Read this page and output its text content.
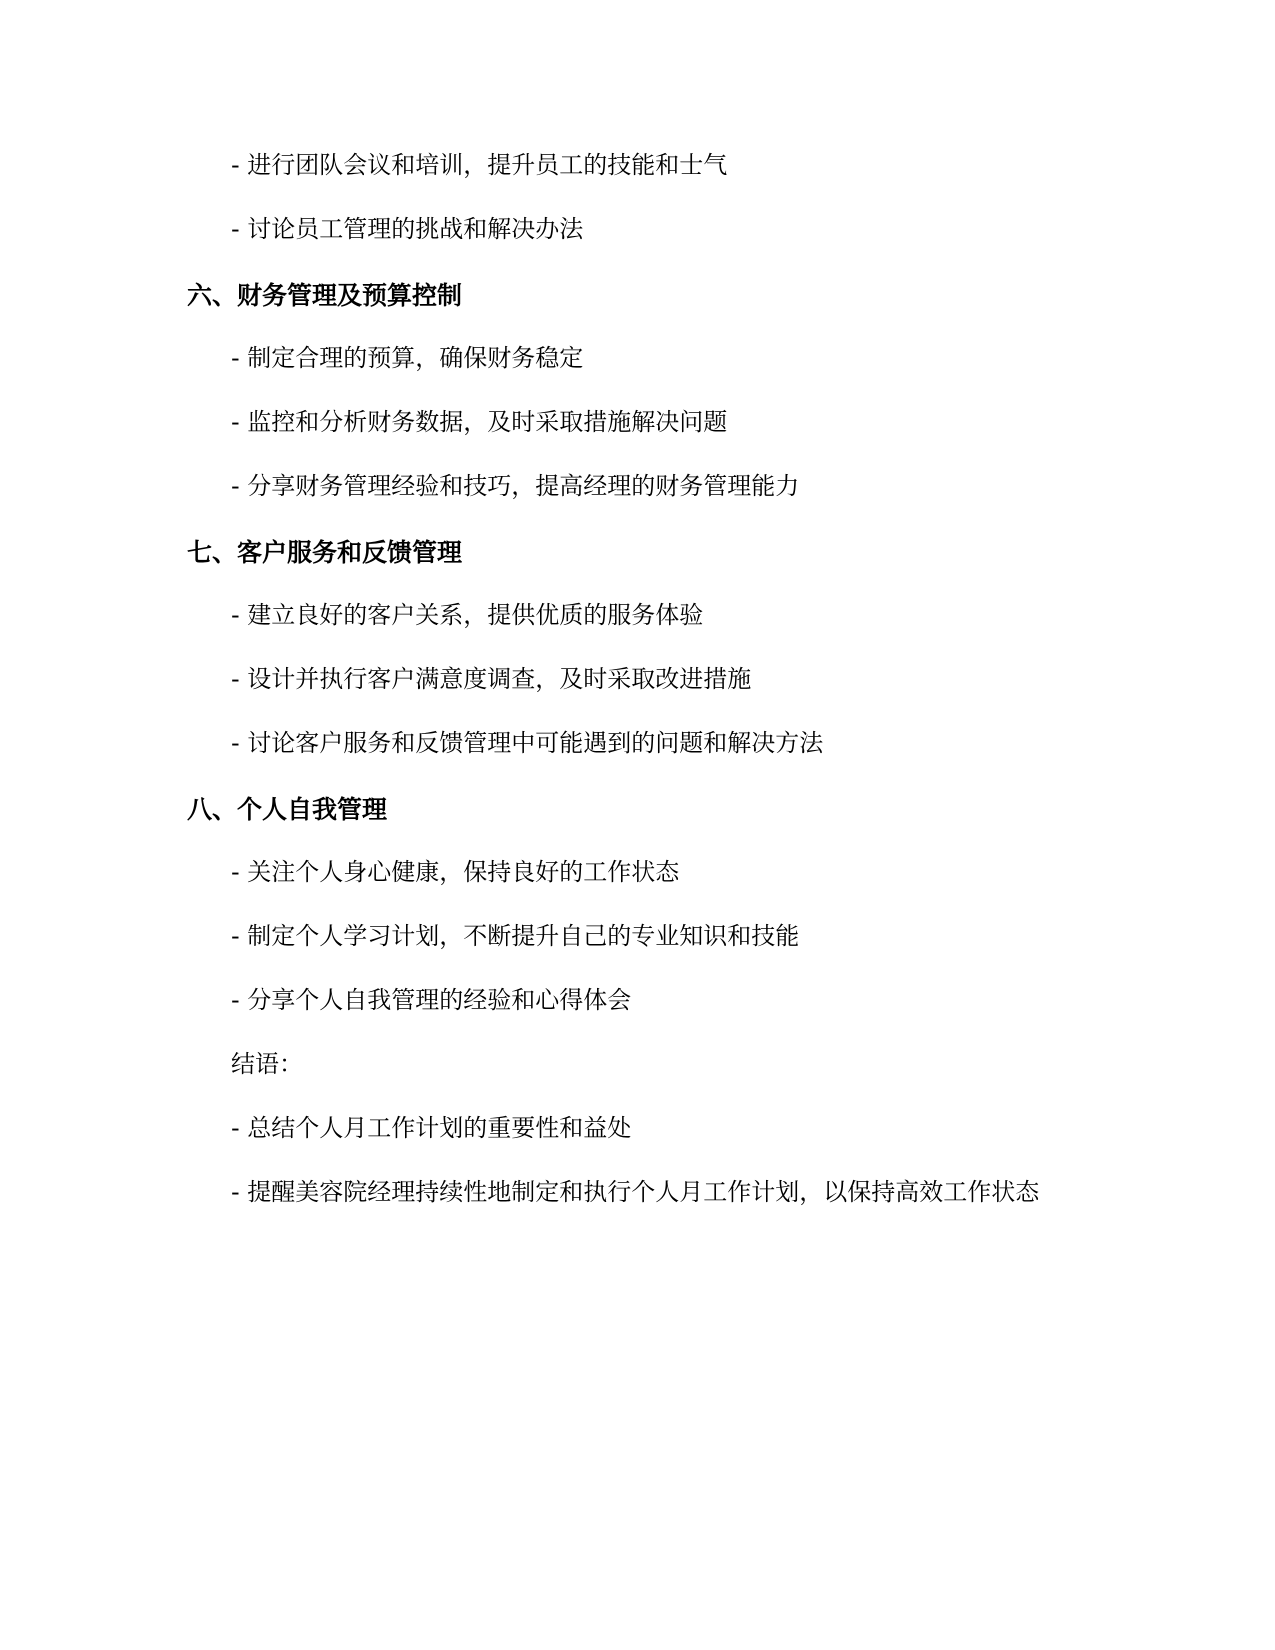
- 进行团队会议和培训，提升员工的技能和士气
- 讨论员工管理的挑战和解决办法
六、财务管理及预算控制
- 制定合理的预算，确保财务稳定
- 监控和分析财务数据，及时采取措施解决问题
- 分享财务管理经验和技巧，提高经理的财务管理能力
七、客户服务和反馈管理
- 建立良好的客户关系，提供优质的服务体验
- 设计并执行客户满意度调查，及时采取改进措施
- 讨论客户服务和反馈管理中可能遇到的问题和解决方法
八、个人自我管理
- 关注个人身心健康，保持良好的工作状态
- 制定个人学习计划，不断提升自己的专业知识和技能
- 分享个人自我管理的经验和心得体会
结语：
- 总结个人月工作计划的重要性和益处
- 提醒美容院经理持续性地制定和执行个人月工作计划，以保持高效工作状态
